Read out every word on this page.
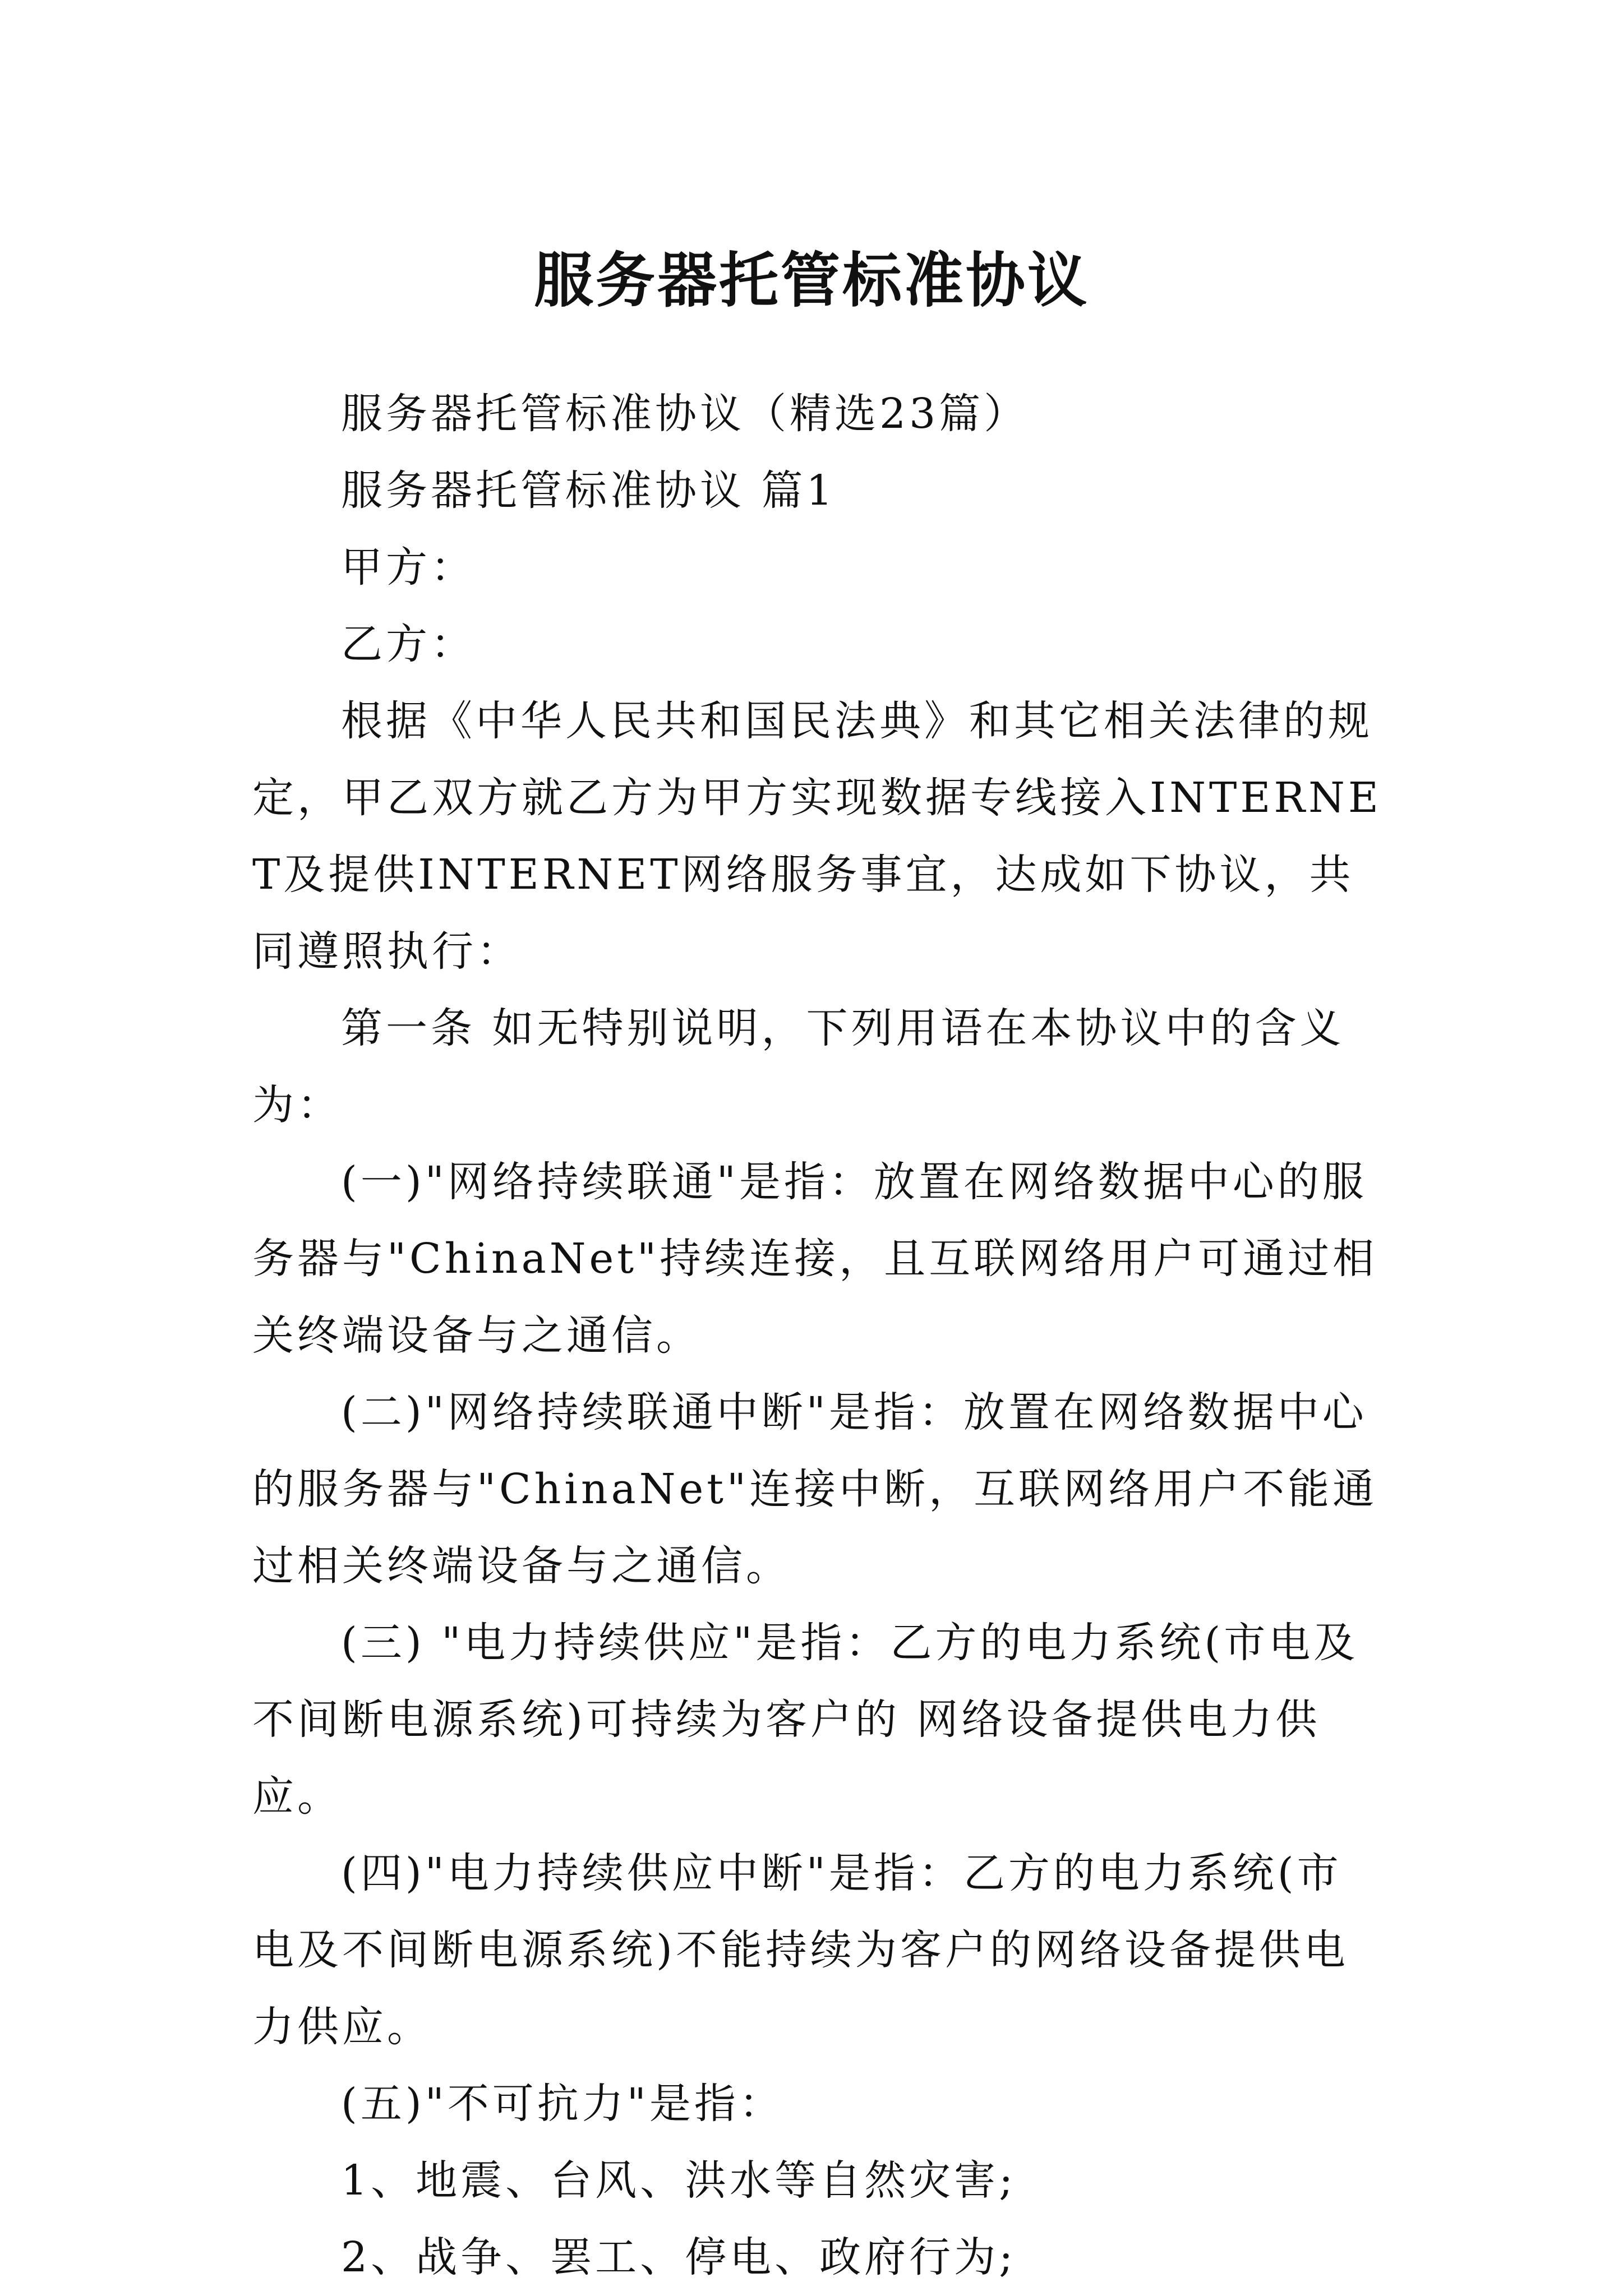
服务器托管标准协议

服务器托管标准协议（精选23篇）

服务器托管标准协议 篇1

甲方：

乙方：

根据《中华人民共和国民法典》和其它相关法律的规定，甲乙双方就乙方为甲方实现数据专线接入INTERNET及提供INTERNET网络服务事宜，达成如下协议，共同遵照执行：

第一条 如无特别说明，下列用语在本协议中的含义为：

(一)"网络持续联通"是指：放置在网络数据中心的服务器与"ChinaNet"持续连接，且互联网络用户可通过相关终端设备与之通信。

(二)"网络持续联通中断"是指：放置在网络数据中心的服务器与"ChinaNet"连接中断，互联网络用户不能通过相关终端设备与之通信。

(三) "电力持续供应"是指：乙方的电力系统(市电及不间断电源系统)可持续为客户的 网络设备提供电力供应。

(四)"电力持续供应中断"是指：乙方的电力系统(市电及不间断电源系统)不能持续为客户的网络设备提供电力供应。

(五)"不可抗力"是指：

1、地震、台风、洪水等自然灾害;

2、战争、罢工、停电、政府行为;
